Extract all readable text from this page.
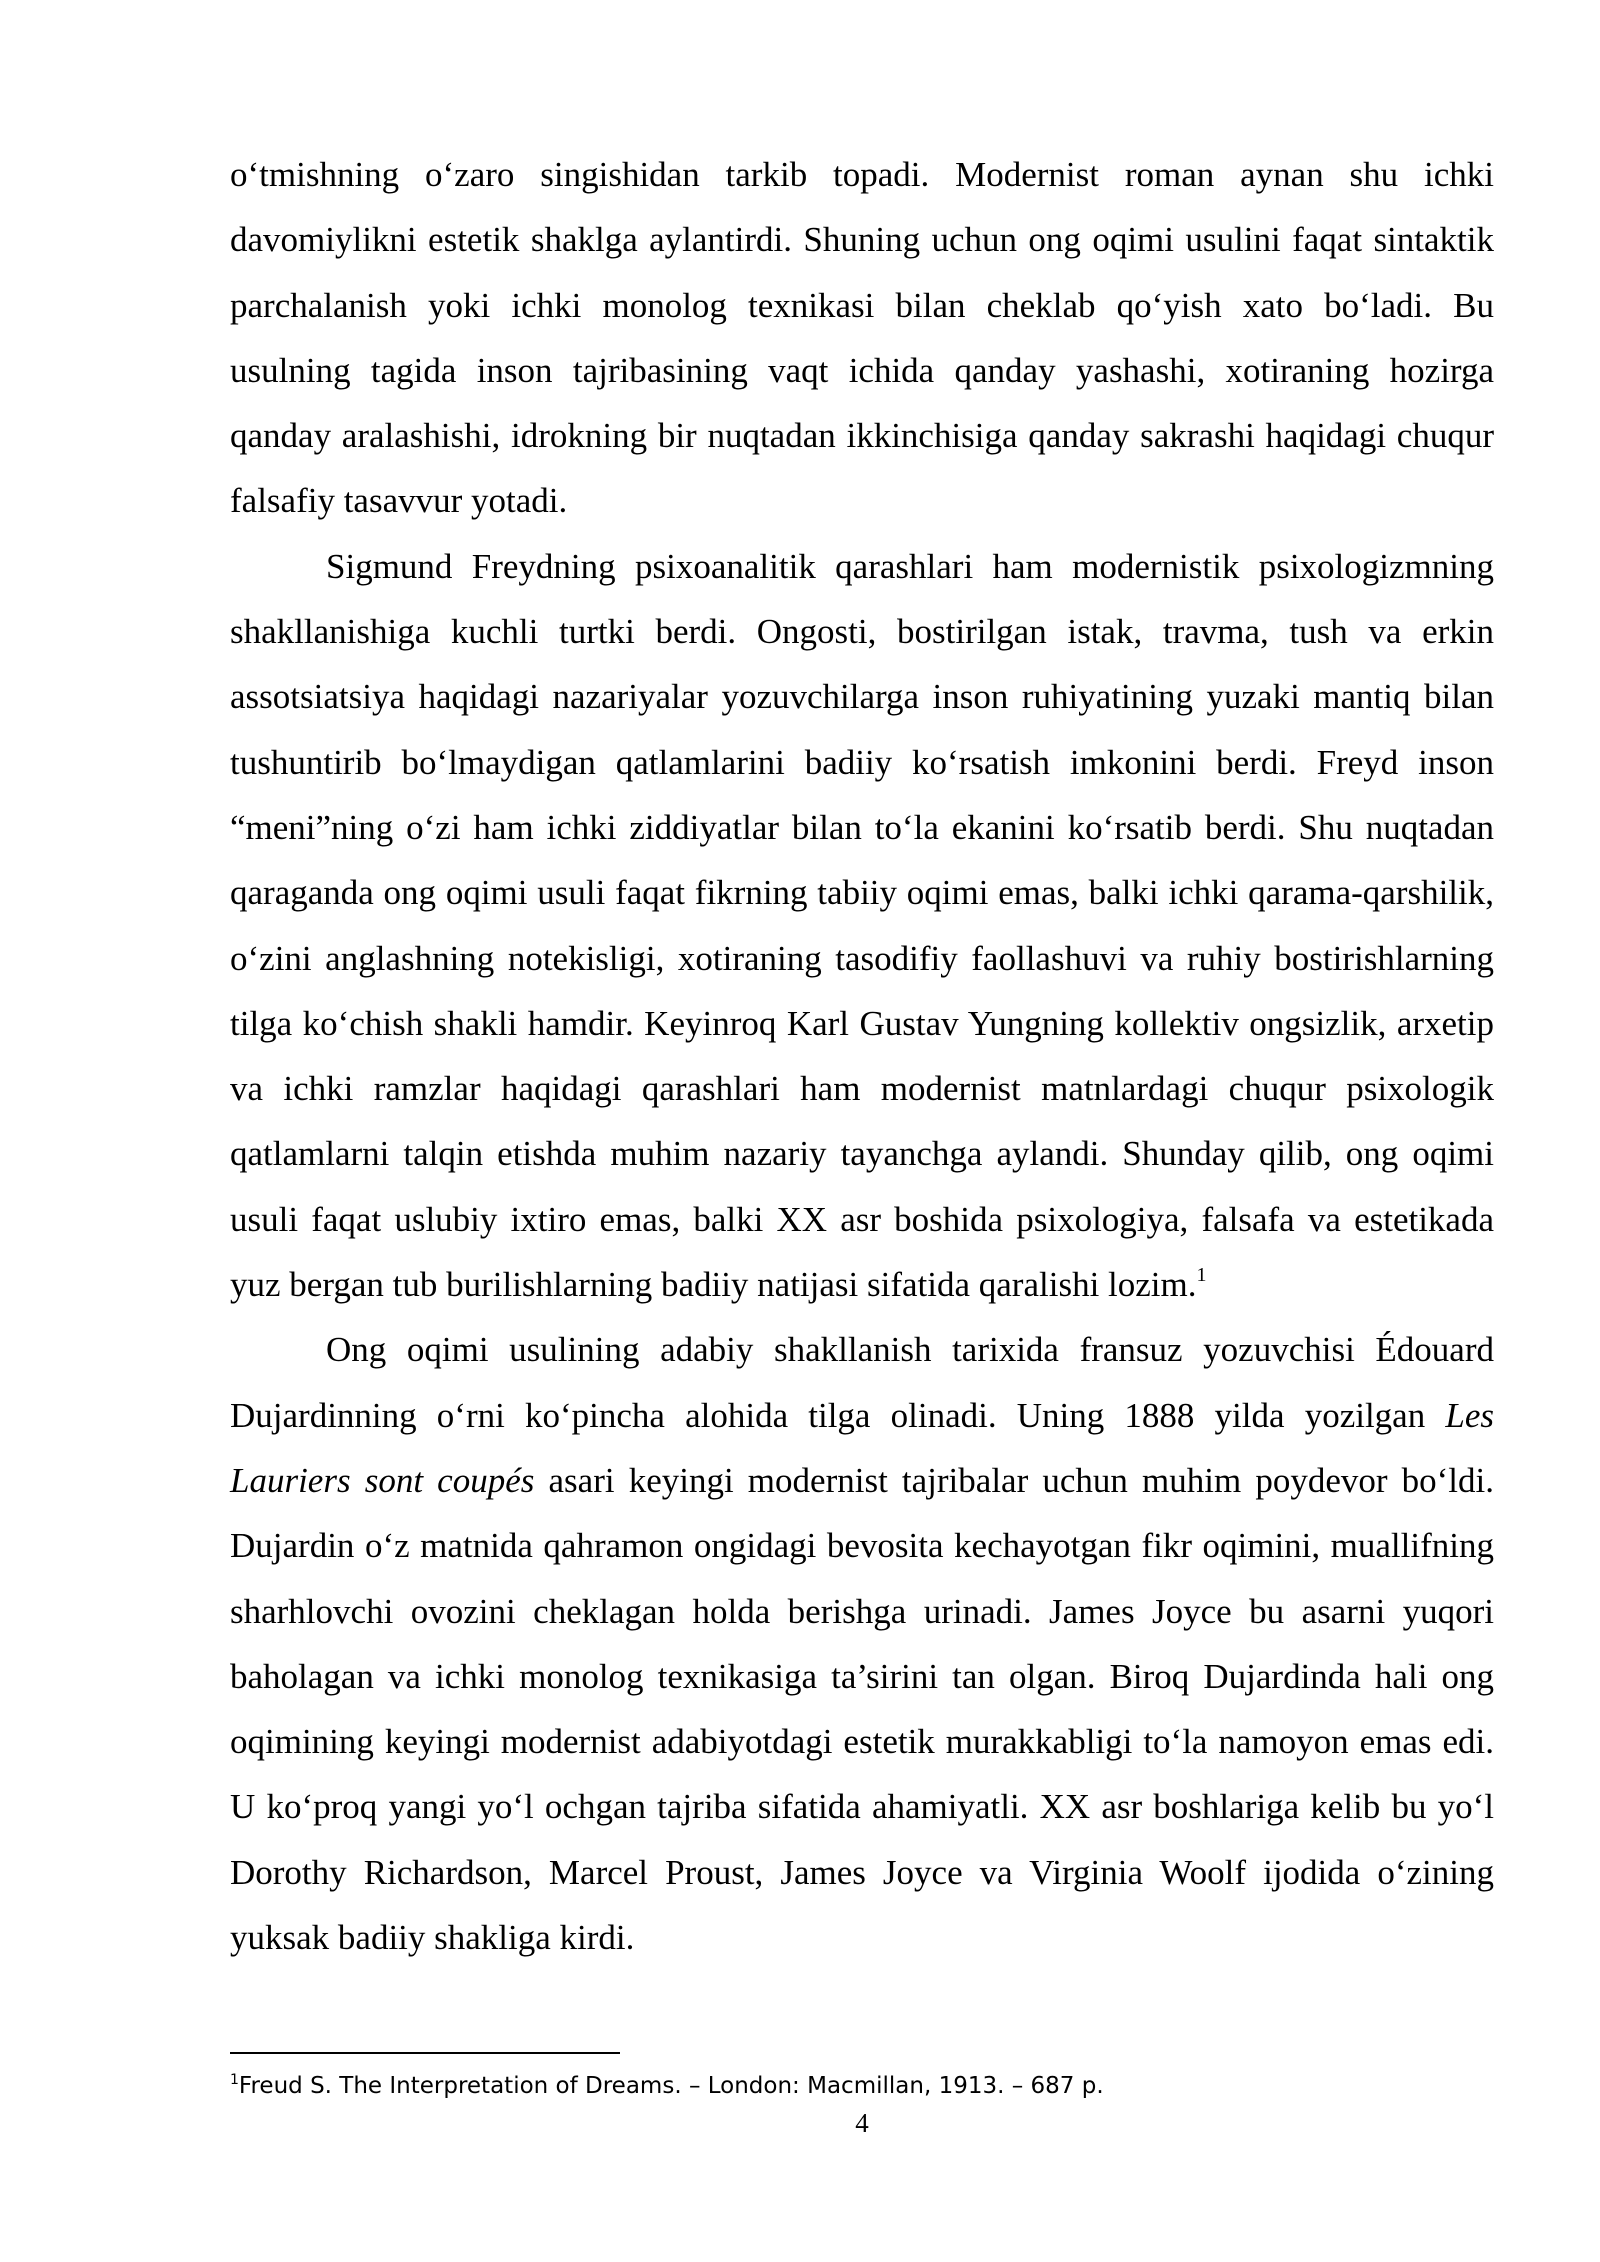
o‘tmishning o‘zaro singishidan tarkib topadi. Modernist roman aynan shu ichki davomiylikni estetik shaklga aylantirdi. Shuning uchun ong oqimi usulini faqat sintaktik parchalanish yoki ichki monolog texnikasi bilan cheklab qo‘yish xato bo‘ladi. Bu usulning tagida inson tajribasining vaqt ichida qanday yashashi, xotiraning hozirga qanday aralashishi, idrokning bir nuqtadan ikkinchisiga qanday sakrashi haqidagi chuqur falsafiy tasavvur yotadi.

Sigmund Freydning psixoanalitik qarashlari ham modernistik psixologizmning shakllanishiga kuchli turtki berdi. Ongosti, bostirilgan istak, travma, tush va erkin assotsiatsiya haqidagi nazariyalar yozuvchilarga inson ruhiyatining yuzaki mantiq bilan tushuntirib bo‘lmaydigan qatlamlarini badiiy ko‘rsatish imkonini berdi. Freyd inson “meni”ning o‘zi ham ichki ziddiyatlar bilan to‘la ekanini ko‘rsatib berdi. Shu nuqtadan qaraganda ong oqimi usuli faqat fikrning tabiiy oqimi emas, balki ichki qarama-qarshilik, o‘zini anglashning notekisligi, xotiraning tasodifiy faollashuvi va ruhiy bostirishlarning tilga ko‘chish shakli hamdir. Keyinroq Karl Gustav Yungning kollektiv ongsizlik, arxetip va ichki ramzlar haqidagi qarashlari ham modernist matnlardagi chuqur psixologik qatlamlarni talqin etishda muhim nazariy tayanchga aylandi. Shunday qilib, ong oqimi usuli faqat uslubiy ixtiro emas, balki XX asr boshida psixologiya, falsafa va estetikada yuz bergan tub burilishlarning badiiy natijasi sifatida qaralishi lozim.$^1$

Ong oqimi usulining adabiy shakllanish tarixida fransuz yozuvchisi Édouard Dujardinning o‘rni ko‘pincha alohida tilga olinadi. Uning 1888 yilda yozilgan Les Lauriers sont coupés asari keyingi modernist tajribalar uchun muhim poydevor bo‘ldi. Dujardin o‘z matnida qahramon ongidagi bevosita kechayotgan fikr oqimini, muallifning sharhlovchi ovozini cheklagan holda berishga urinadi. James Joyce bu asarni yuqori baholagan va ichki monolog texnikasiga ta’sirini tan olgan. Biroq Dujardinda hali ong oqimining keyingi modernist adabiyotdagi estetik murakkabligi to‘la namoyon emas edi. U ko‘proq yangi yo‘l ochgan tajriba sifatida ahamiyatli. XX asr boshlariga kelib bu yo‘l Dorothy Richardson, Marcel Proust, James Joyce va Virginia Woolf ijodida o‘zining yuksak badiiy shakliga kirdi.

$^1$Freud S. The Interpretation of Dreams. – London: Macmillan, 1913. – 687 p.
4
